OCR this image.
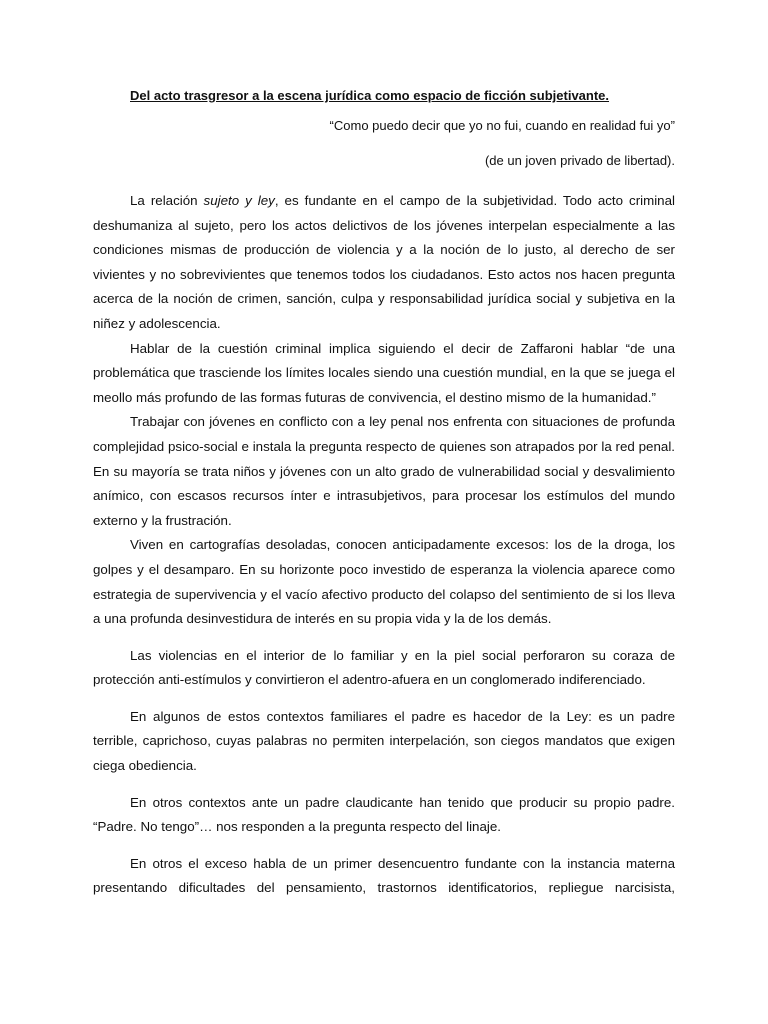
Del acto trasgresor a la escena jurídica como espacio de ficción subjetivante.
“Como puedo decir que yo no fui, cuando en realidad fui yo”
(de un joven privado de libertad).

La relación sujeto y ley, es fundante en el campo de la subjetividad. Todo acto criminal deshumaniza al sujeto, pero los actos delictivos de los jóvenes interpelan especialmente a las condiciones mismas de producción de violencia y a la noción de lo justo, al derecho de ser vivientes y no sobrevivientes que tenemos todos los ciudadanos. Esto actos nos hacen pregunta acerca de la noción de crimen, sanción, culpa y responsabilidad jurídica social y subjetiva en la niñez y adolescencia.

Hablar de la cuestión criminal implica siguiendo el decir de Zaffaroni hablar “de una problemática que trasciende los límites locales siendo una cuestión mundial, en la que se juega el meollo más profundo de las formas futuras de convivencia, el destino mismo de la humanidad.”

Trabajar con jóvenes en conflicto con a ley penal nos enfrenta con situaciones de profunda complejidad psico-social e instala la pregunta respecto de quienes son atrapados por la red penal. En su mayoría se trata niños y jóvenes con un alto grado de vulnerabilidad social y desvalimiento anímico, con escasos recursos ínter e intrasubjetivos, para procesar los estímulos del mundo externo y la frustración.

Viven en cartografías desoladas, conocen anticipadamente excesos: los de la droga, los golpes y el desamparo. En su horizonte poco investido de esperanza la violencia aparece como estrategia de supervivencia y el vacío afectivo producto del colapso del sentimiento de si los lleva a una profunda desinvestidura de interés en su propia vida y la de los demás.

Las violencias en el interior de lo familiar y en la piel social perforaron su coraza de protección anti-estímulos y convirtieron el adentro-afuera en un conglomerado indiferenciado.

En algunos de estos contextos familiares el padre es hacedor de la Ley: es un padre terrible, caprichoso, cuyas palabras no permiten interpelación, son ciegos mandatos que exigen ciega obediencia.

En otros contextos ante un padre claudicante han tenido que producir su propio padre. “Padre. No tengo”… nos responden a la pregunta respecto del linaje.

En otros el exceso habla de un primer desencuentro fundante con la instancia materna presentando dificultades del pensamiento, trastornos identificatorios, repliegue narcisista,
